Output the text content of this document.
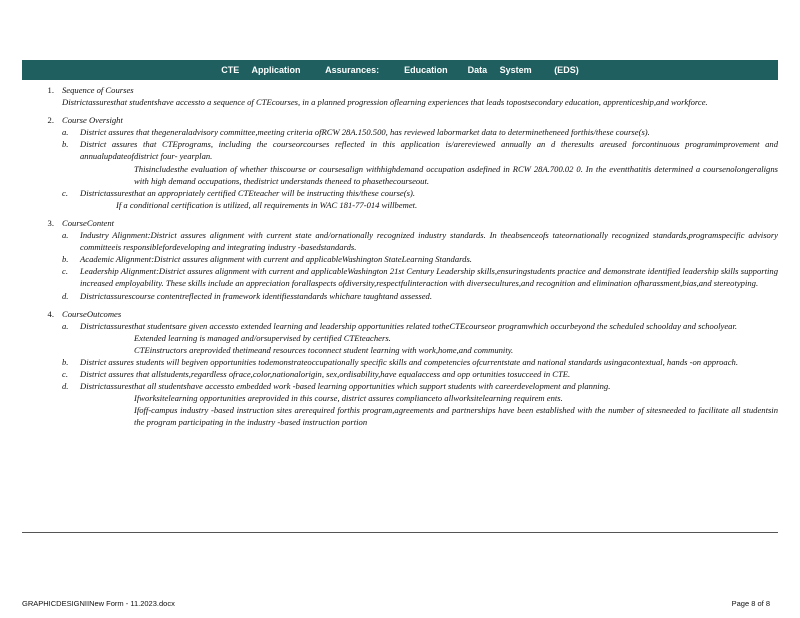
CTE     Application          Assurances:          Education        Data     System         (EDS)
1. Sequence of Courses
Districtassuresthat studentshave accessto a sequence of CTEcourses, in a planned progression oflearning experiences that leads topostsecondary education, apprenticeship,and workforce.
2. Course Oversight
a.	District assures that thegeneraladvisory committee,meeting criteria ofRCW 28A.150.500, has reviewed labormarket data to determinetheneed forthis/these course(s).
b.	District assures that CTEprograms, including the courseorcourses reflected in this application is/arereviewed annually an d theresults areused forcontinuous programimprovement and annualupdateofdistrict four- yearplan.
Thisincludesthe evaluation of whether thiscourse or coursesalign withhighdemand occupation asdefined in RCW 28A.700.02 0. In the eventthatitis determined a coursenolongeraligns with high demand occupations, thedistrict understands theneed to phasethecourseout.
c.	Districtassuresthat an appropriately certified CTEteacher will be instructing this/these course(s).
If a conditional certification is utilized, all requirements in WAC 181-77-014 willbemet.
3. CourseContent
a.	Industry Alignment:District assures alignment with current state and/ornationally recognized industry standards. In theabsenceofs tateornationally recognized standards,programspecific advisory committeeis responsiblefordeveloping and integrating industry -basedstandards.
b.	Academic Alignment:District assures alignment with current and applicableWashington StateLearning Standards.
c.	Leadership Alignment:District assures alignment with current and applicableWashington 21st Century Leadership skills,ensuringstudents practice and demonstrate identified leadership skills supporting increased employability. These skills include an appreciation forallaspects ofdiversity,respectfulinteraction with diversecultures,and recognition and elimination ofharassment,bias,and stereotyping.
d.	Districtassurescourse contentreflected in framework identifiesstandards whichare taughtand assessed.
4. CourseOutcomes
a.	Districtassuresthat studentsare given accessto extended learning and leadership opportunities related totheCTEcourseor programwhich occurbeyond the scheduled schoolday and schoolyear.
Extended learning is managed and/orsupervised by certified CTEteachers.
CTEinstructors areprovided thetimeand resources toconnect student learning with work,home,and community.
b.	District assures students will begiven opportunities todemonstrateoccupationally specific skills and competencies ofcurrentstate and national standards usingacontextual, hands -on approach.
c.	District assures that allstudents,regardless ofrace,color,nationalorigin, sex,ordisability,have equalaccess and opp ortunities tosucceed in CTE.
d.	Districtassuresthat all studentshave accessto embedded work -based learning opportunities which support students with careerdevelopment and planning.
Ifworksitelearning opportunities areprovided in this course, district assures complianceto allworksitelearning requirem ents.
Ifoff-campus industry -based instruction sites arerequired forthis program,agreements and partnerships have been established with the number of sitesneeded to facilitate all studentsin the program participating in the industry -based instruction portion
GRAPHICDESIGNIINew Form - 11.2023.docx	Page 8 of 8
